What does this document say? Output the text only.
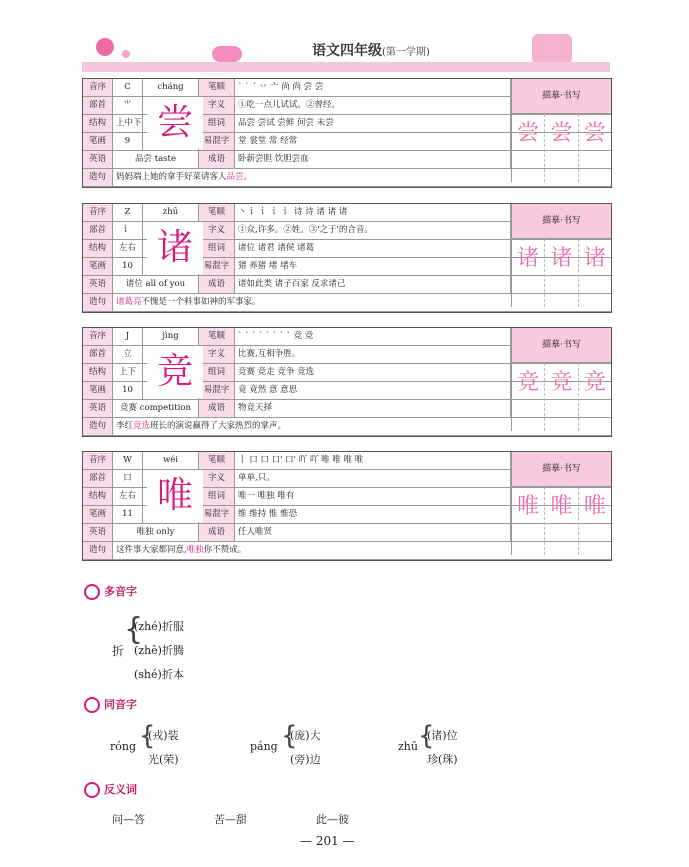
语文四年级(第一学期)
音序	C	cháng	笔顺	ˋ ˋ ˊ 丷 亠 尚 尚 尝 尝
部首	⺌	字义	①吃一点儿试试。②曾经。
结构	上中下	组词	品尝 尝试 尝鲜 何尝 未尝
笔画	9	易混字	堂 裳堂 常 经常
英语	品尝 taste	成语	卧薪尝胆 饮胆尝血
造句	妈妈端上她的拿手好菜请客人品尝。
尝
描摹·书写
尝 尝 尝
音序	Z	zhū	笔顺	丶 讠 讠 讠 讠 诗 诗 诸 诸 诸
部首	讠	字义	①众,许多。②姓。③'之于'的合音。
结构	左右	组词	诸位 诸君 诸侯 诸葛
笔画	10	易混字	猪 养猪 堵 堵车
英语	诸位 all of you	成语	诸如此类 诸子百家 反求诸己
造句	诸葛亮不愧是一个料事如神的军事家。
诸
描摹·书写
诸 诸 诸
音序	J	jìng	笔顺	ˋ ˋ ˋ ˋ ˋ ˋ ˋ ˋ 竞 竞
部首	立	字义	比赛,互相争胜。
结构	上下	组词	竞赛 竞走 竞争 竞选
笔画	10	易混字	竟 竟然 意 意思
英语	竞赛 competition	成语	物竞天择
造句	李红竞选班长的演说赢得了大家热烈的掌声。
竞
描摹·书写
竞 竞 竞
音序	W	wéi	笔顺	丨 口 口 口' 口' 吖 吖 唯 唯 唯 唯
部首	口	字义	单单,只。
结构	左右	组词	唯一 唯独 唯有
笔画	11	易混字	维 维持 惟 惟恐
英语	唯独 only	成语	任人唯贤
造句	这件事大家都同意,唯独你不赞成。
唯
描摹·书写
唯 唯 唯
多音字
折
{
(zhé)折服
(zhē)折腾
(shé)折本
同音字
róng {
(戎)装
光(荣)
páng {
(庞)大
(旁)边
zhū {
(诸)位
珍(珠)
反义词
问—答	苦—甜	此—彼
— 201 —
